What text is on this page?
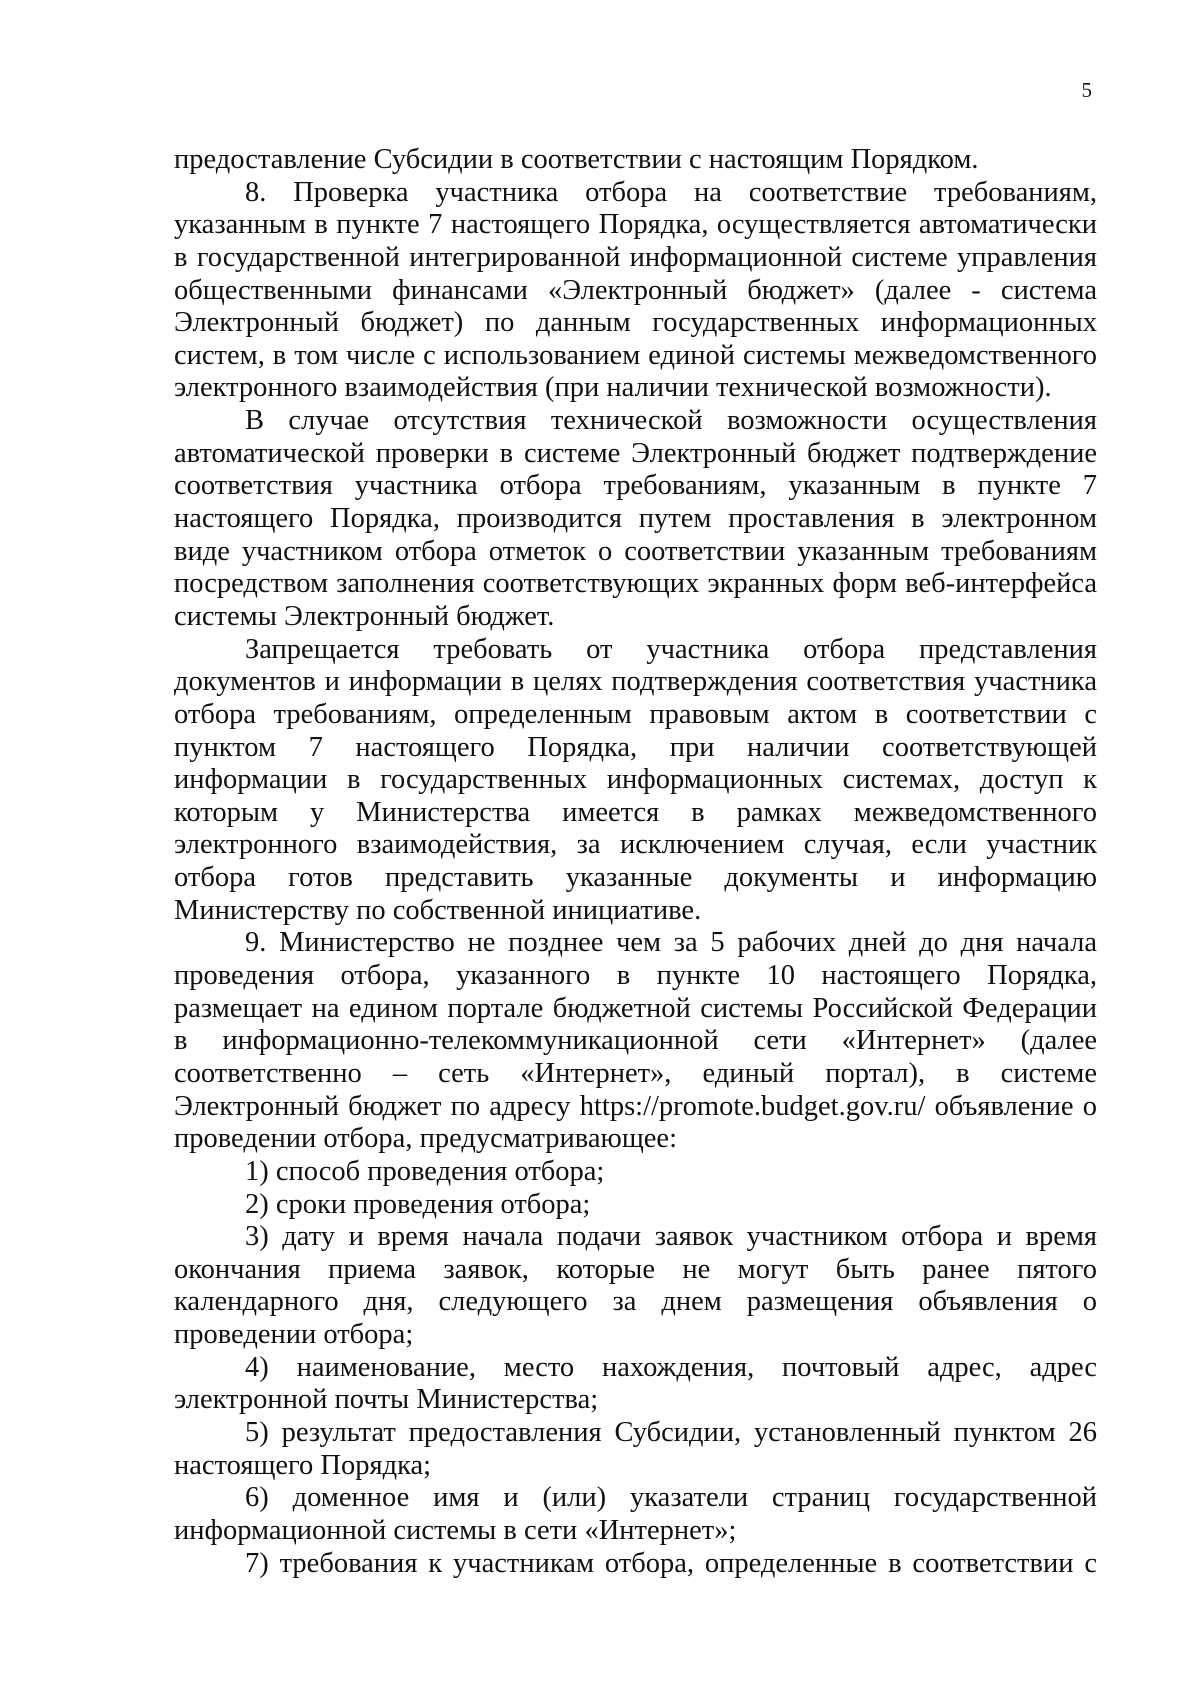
5
предоставление Субсидии в соответствии с настоящим Порядком.
8. Проверка участника отбора на соответствие требованиям,
указанным в пункте 7 настоящего Порядка, осуществляется автоматически
в государственной интегрированной информационной системе управления
общественными финансами «Электронный бюджет» (далее - система
Электронный бюджет) по данным государственных информационных
систем, в том числе с использованием единой системы межведомственного
электронного взаимодействия (при наличии технической возможности).
В случае отсутствия технической возможности осуществления
автоматической проверки в системе Электронный бюджет подтверждение
соответствия участника отбора требованиям, указанным в пункте 7
настоящего Порядка, производится путем проставления в электронном
виде участником отбора отметок о соответствии указанным требованиям
посредством заполнения соответствующих экранных форм веб-интерфейса
системы Электронный бюджет.
Запрещается требовать от участника отбора представления
документов и информации в целях подтверждения соответствия участника
отбора требованиям, определенным правовым актом в соответствии с
пунктом 7 настоящего Порядка, при наличии соответствующей
информации в государственных информационных системах, доступ к
которым у Министерства имеется в рамках межведомственного
электронного взаимодействия, за исключением случая, если участник
отбора готов представить указанные документы и информацию
Министерству по собственной инициативе.
9. Министерство не позднее чем за 5 рабочих дней до дня начала
проведения отбора, указанного в пункте 10 настоящего Порядка,
размещает на едином портале бюджетной системы Российской Федерации
в информационно-телекоммуникационной сети «Интернет» (далее
соответственно – сеть «Интернет», единый портал), в системе
Электронный бюджет по адресу https://promote.budget.gov.ru/ объявление о
проведении отбора, предусматривающее:
1) способ проведения отбора;
2) сроки проведения отбора;
3) дату и время начала подачи заявок участником отбора и время
окончания приема заявок, которые не могут быть ранее пятого
календарного дня, следующего за днем размещения объявления о
проведении отбора;
4) наименование, место нахождения, почтовый адрес, адрес
электронной почты Министерства;
5) результат предоставления Субсидии, установленный пунктом 26
настоящего Порядка;
6) доменное имя и (или) указатели страниц государственной
информационной системы в сети «Интернет»;
7) требования к участникам отбора, определенные в соответствии с
